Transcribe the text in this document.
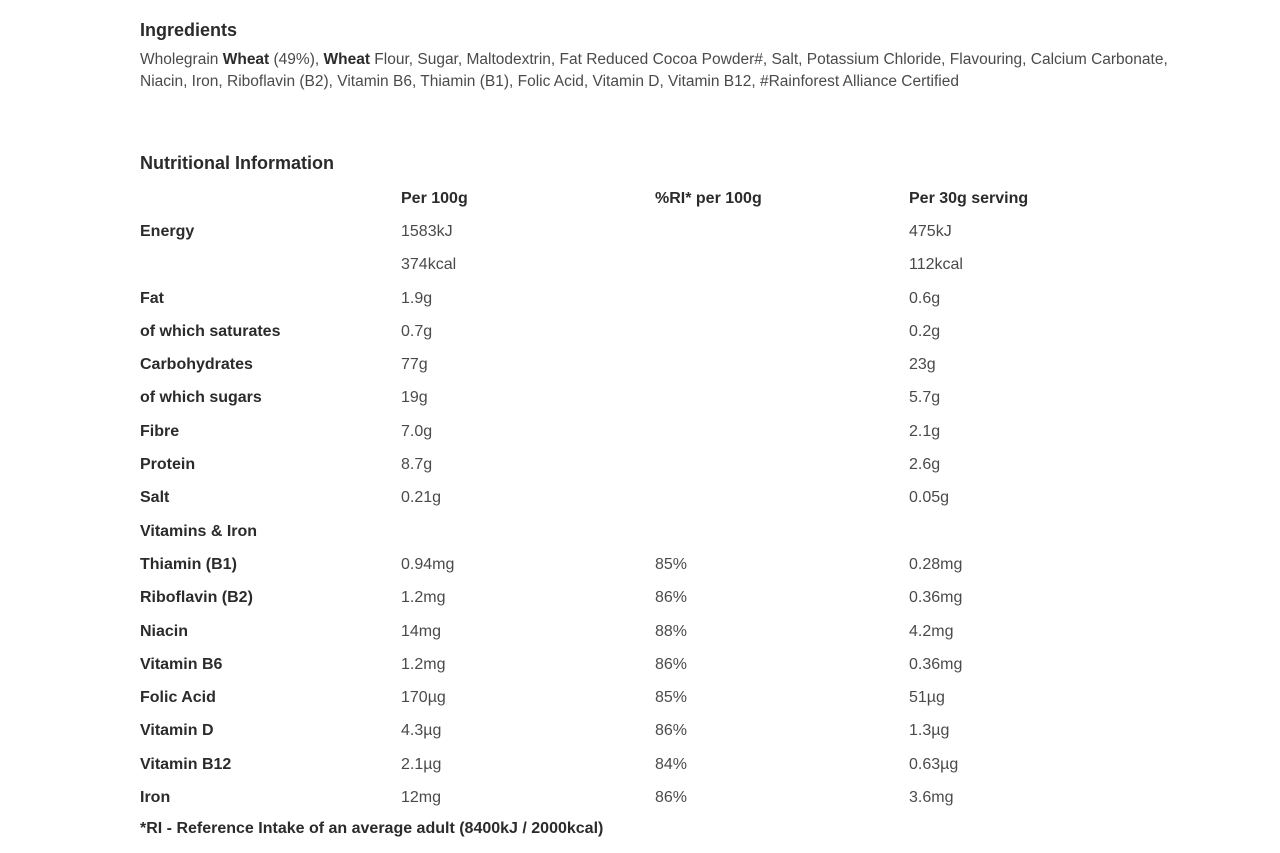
Ingredients

Wholegrain Wheat (49%), Wheat Flour, Sugar, Maltodextrin, Fat Reduced Cocoa Powder#, Salt, Potassium Chloride, Flavouring, Calcium Carbonate, Niacin, Iron, Riboflavin (B2), Vitamin B6, Thiamin (B1), Folic Acid, Vitamin D, Vitamin B12, #Rainforest Alliance Certified

Nutritional Information
	Per 100g	%RI* per 100g	Per 30g serving
Energy	1583kJ		475kJ
	374kcal		112kcal
Fat	1.9g		0.6g
of which saturates	0.7g		0.2g
Carbohydrates	77g		23g
of which sugars	19g		5.7g
Fibre	7.0g		2.1g
Protein	8.7g		2.6g
Salt	0.21g		0.05g
Vitamins & Iron			
Thiamin (B1)	0.94mg	85%	0.28mg
Riboflavin (B2)	1.2mg	86%	0.36mg
Niacin	14mg	88%	4.2mg
Vitamin B6	1.2mg	86%	0.36mg
Folic Acid	170µg	85%	51µg
Vitamin D	4.3µg	86%	1.3µg
Vitamin B12	2.1µg	84%	0.63µg
Iron	12mg	86%	3.6mg

*RI - Reference Intake of an average adult (8400kJ / 2000kcal)
